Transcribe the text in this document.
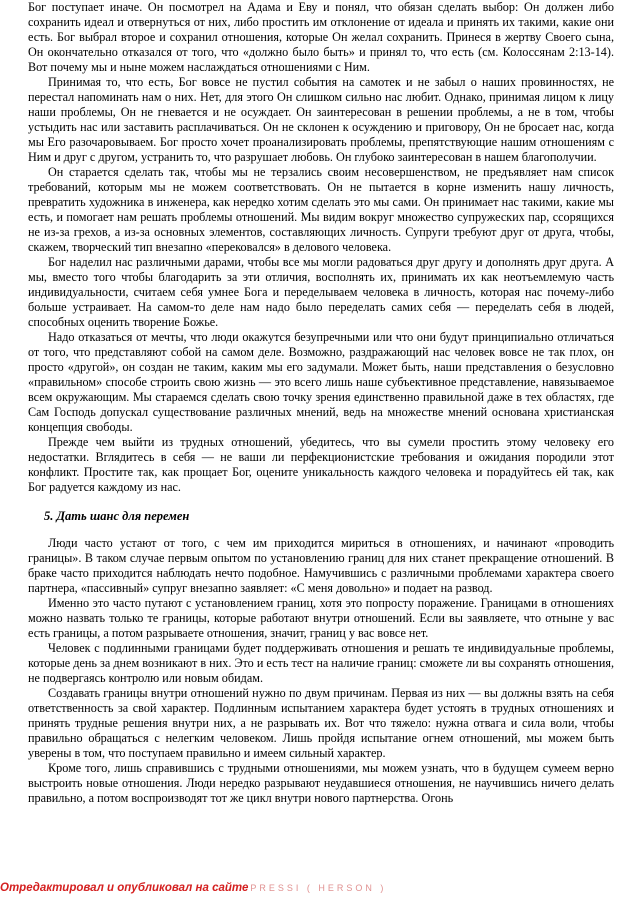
Бог поступает иначе. Он посмотрел на Адама и Еву и понял, что обязан сделать выбор: Он должен либо сохранить идеал и отвернуться от них, либо простить им отклонение от идеала и принять их такими, какие они есть. Бог выбрал второе и сохранил отношения, которые Он желал сохранить. Принеся в жертву Своего сына, Он окончательно отказался от того, что «должно было быть» и принял то, что есть (см. Колоссянам 2:13-14). Вот почему мы и ныне можем наслаждаться отношениями с Ним.

Принимая то, что есть, Бог вовсе не пустил события на самотек и не забыл о наших провинностях, не перестал напоминать нам о них. Нет, для этого Он слишком сильно нас любит. Однако, принимая лицом к лицу наши проблемы, Он не гневается и не осуждает. Он заинтересован в решении проблемы, а не в том, чтобы устыдить нас или заставить расплачиваться. Он не склонен к осуждению и приговору, Он не бросает нас, когда мы Его разочаровываем. Бог просто хочет проанализировать проблемы, препятствующие нашим отношениям с Ним и друг с другом, устранить то, что разрушает любовь. Он глубоко заинтересован в нашем благополучии.

Он старается сделать так, чтобы мы не терзались своим несовершенством, не предъявляет нам список требований, которым мы не можем соответствовать. Он не пытается в корне изменить нашу личность, превратить художника в инженера, как нередко хотим сделать это мы сами. Он принимает нас такими, какие мы есть, и помогает нам решать проблемы отношений. Мы видим вокруг множество супружеских пар, ссорящихся не из-за грехов, а из-за основных элементов, составляющих личность. Супруги требуют друг от друга, чтобы, скажем, творческий тип внезапно «перековался» в делового человека.

Бог наделил нас различными дарами, чтобы все мы могли радоваться друг другу и дополнять друг друга. А мы, вместо того чтобы благодарить за эти отличия, восполнять их, принимать их как неотъемлемую часть индивидуальности, считаем себя умнее Бога и переделываем человека в личность, которая нас почему-либо больше устраивает. На самом-то деле нам надо было переделать самих себя — переделать себя в людей, способных оценить творение Божье.

Надо отказаться от мечты, что люди окажутся безупречными или что они будут принципиально отличаться от того, что представляют собой на самом деле. Возможно, раздражающий нас человек вовсе не так плох, он просто «другой», он создан не таким, каким мы его задумали. Может быть, наши представления о безусловно «правильном» способе строить свою жизнь — это всего лишь наше субъективное представление, навязываемое всем окружающим. Мы стараемся сделать свою точку зрения единственно правильной даже в тех областях, где Сам Господь допускал существование различных мнений, ведь на множестве мнений основана христианская концепция свободы.

Прежде чем выйти из трудных отношений, убедитесь, что вы сумели простить этому человеку его недостатки. Вглядитесь в себя — не ваши ли перфекционистские требования и ожидания породили этот конфликт. Простите так, как прощает Бог, оцените уникальность каждого человека и порадуйтесь ей так, как Бог радуется каждому из нас.

5. Дать шанс для перемен

Люди часто устают от того, с чем им приходится мириться в отношениях, и начинают «проводить границы». В таком случае первым опытом по установлению границ для них станет прекращение отношений. В браке часто приходится наблюдать нечто подобное. Намучившись с различными проблемами характера своего партнера, «пассивный» супруг внезапно заявляет: «С меня довольно» и подает на развод.

Именно это часто путают с установлением границ, хотя это попросту поражение. Границами в отношениях можно назвать только те границы, которые работают внутри отношений. Если вы заявляете, что отныне у вас есть границы, а потом разрываете отношения, значит, границ у вас вовсе нет.

Человек с подлинными границами будет поддерживать отношения и решать те индивидуальные проблемы, которые день за днем возникают в них. Это и есть тест на наличие границ: сможете ли вы сохранять отношения, не подвергаясь контролю или новым обидам.

Создавать границы внутри отношений нужно по двум причинам. Первая из них — вы должны взять на себя ответственность за свой характер. Подлинным испытанием характера будет устоять в трудных отношениях и принять трудные решения внутри них, а не разрывать их. Вот что тяжело: нужна отвага и сила воли, чтобы правильно обращаться с нелегким человеком. Лишь пройдя испытание огнем отношений, мы можем быть уверены в том, что поступаем правильно и имеем сильный характер.

Кроме того, лишь справившись с трудными отношениями, мы можем узнать, что в будущем сумеем верно выстроить новые отношения. Люди нередко разрывают неудавшиеся отношения, не научившись ничего делать правильно, а потом воспроизводят тот же цикл внутри нового партнерства. Огонь

Отредактировал и опубликовал на сайте PRESSI ( HERSON )
